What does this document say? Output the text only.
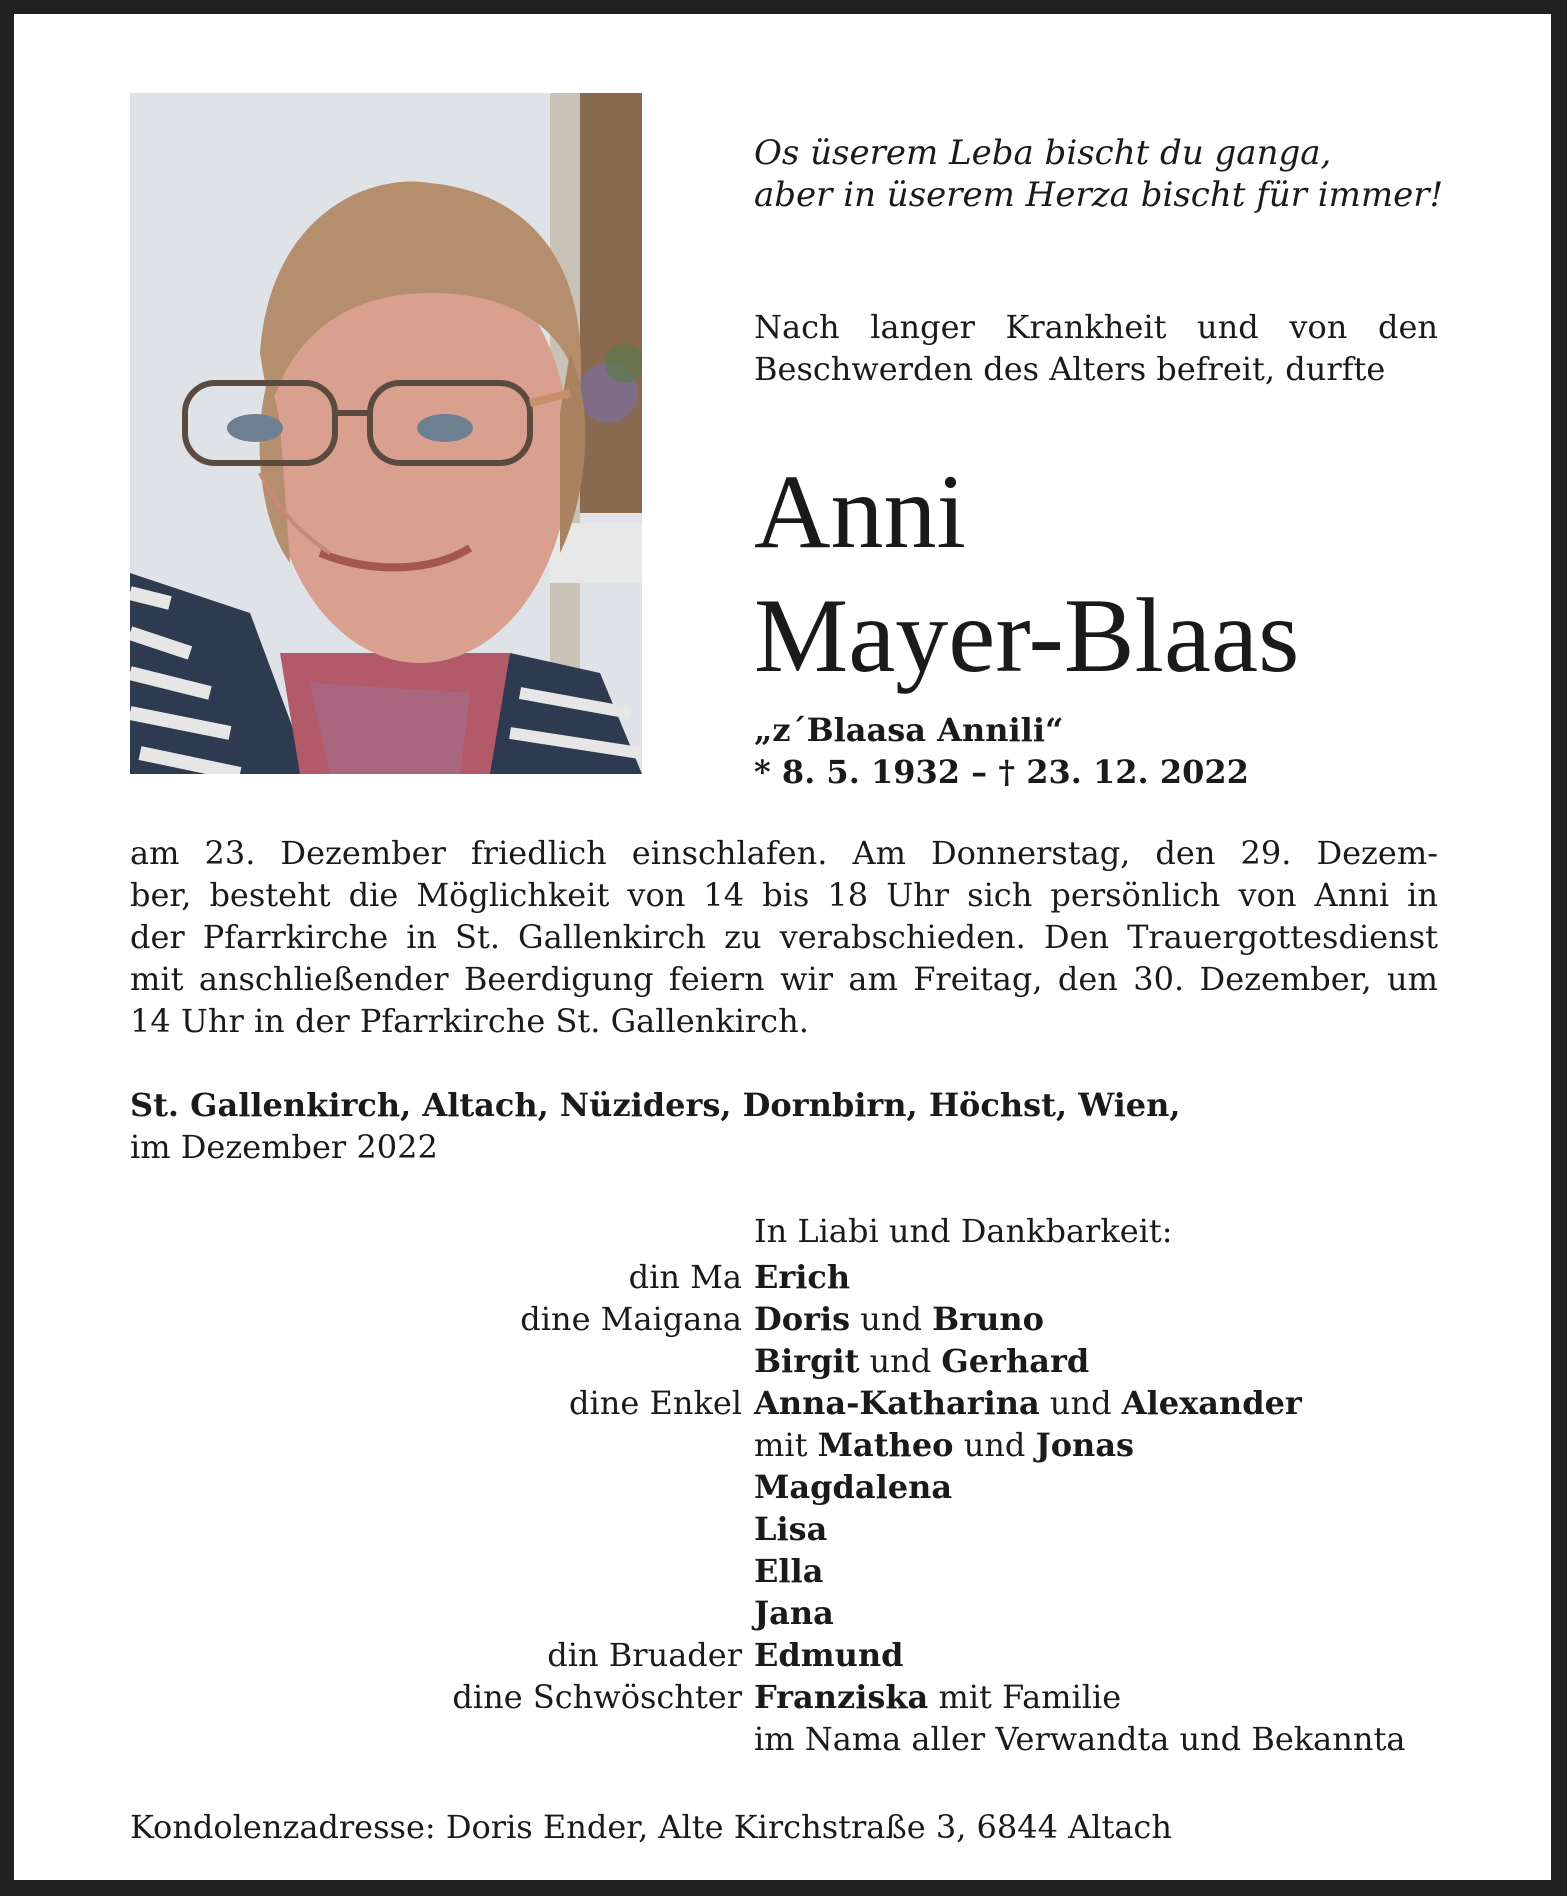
Os üserem Leba bischt du ganga,
aber in üserem Herza bischt für immer!
Nach langer Krankheit und von den
Beschwerden des Alters befreit, durfte
Anni
Mayer-Blaas
„z´Blaasa Annili“
* 8. 5. 1932 – † 23. 12. 2022
am 23. Dezember friedlich einschlafen. Am Donnerstag, den 29. Dezem-
ber, besteht die Möglichkeit von 14 bis 18 Uhr sich persönlich von Anni in
der Pfarrkirche in St. Gallenkirch zu verabschieden. Den Trauergottesdienst
mit anschließender Beerdigung feiern wir am Freitag, den 30. Dezember, um
14 Uhr in der Pfarrkirche St. Gallenkirch.
St. Gallenkirch, Altach, Nüziders, Dornbirn, Höchst, Wien,
im Dezember 2022
In Liabi und Dankbarkeit:
din Ma Erich
dine Maigana Doris und Bruno
Birgit und Gerhard
dine Enkel Anna-Katharina und Alexander
mit Matheo und Jonas
Magdalena
Lisa
Ella
Jana
din Bruader Edmund
dine Schwöschter Franziska mit Familie
im Nama aller Verwandta und Bekannta
Kondolenzadresse: Doris Ender, Alte Kirchstraße 3, 6844 Altach
